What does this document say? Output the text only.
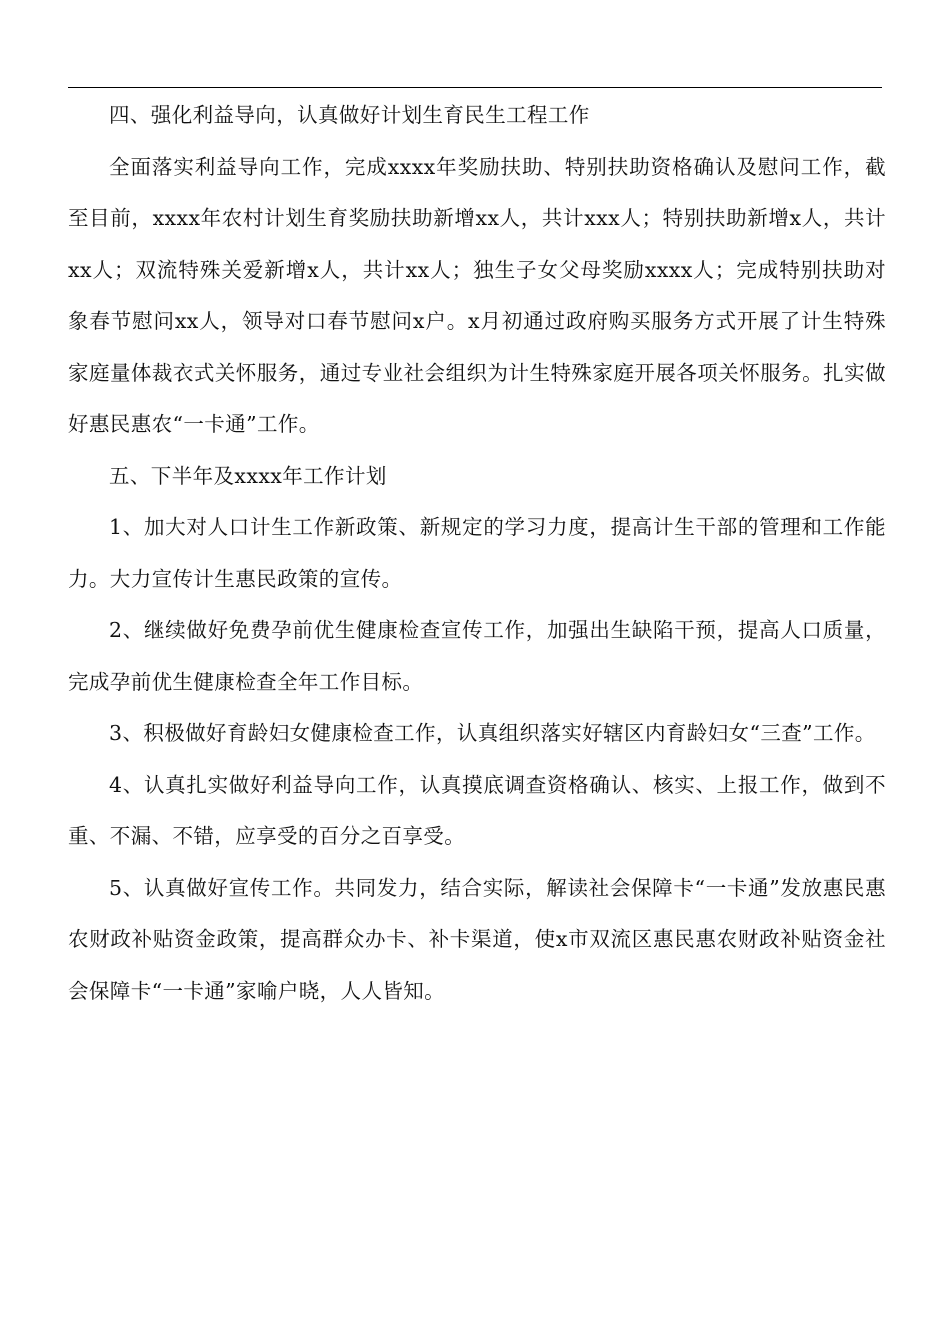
四、强化利益导向，认真做好计划生育民生工程工作

全面落实利益导向工作，完成xxxx年奖励扶助、特别扶助资格确认及慰问工作，截至目前，xxxx年农村计划生育奖励扶助新增xx人，共计xxx人；特别扶助新增x人，共计xx人；双流特殊关爱新增x人，共计xx人；独生子女父母奖励xxxx人；完成特别扶助对象春节慰问xx人，领导对口春节慰问x户。x月初通过政府购买服务方式开展了计生特殊家庭量体裁衣式关怀服务，通过专业社会组织为计生特殊家庭开展各项关怀服务。扎实做好惠民惠农“一卡通”工作。

五、下半年及xxxx年工作计划

1、加大对人口计生工作新政策、新规定的学习力度，提高计生干部的管理和工作能力。大力宣传计生惠民政策的宣传。

2、继续做好免费孕前优生健康检查宣传工作，加强出生缺陷干预，提高人口质量，完成孕前优生健康检查全年工作目标。

3、积极做好育龄妇女健康检查工作，认真组织落实好辖区内育龄妇女“三查”工作。

4、认真扎实做好利益导向工作，认真摸底调查资格确认、核实、上报工作，做到不重、不漏、不错，应享受的百分之百享受。

5、认真做好宣传工作。共同发力，结合实际，解读社会保障卡“一卡通”发放惠民惠农财政补贴资金政策，提高群众办卡、补卡渠道，使x市双流区惠民惠农财政补贴资金社会保障卡“一卡通”家喻户晓，人人皆知。
